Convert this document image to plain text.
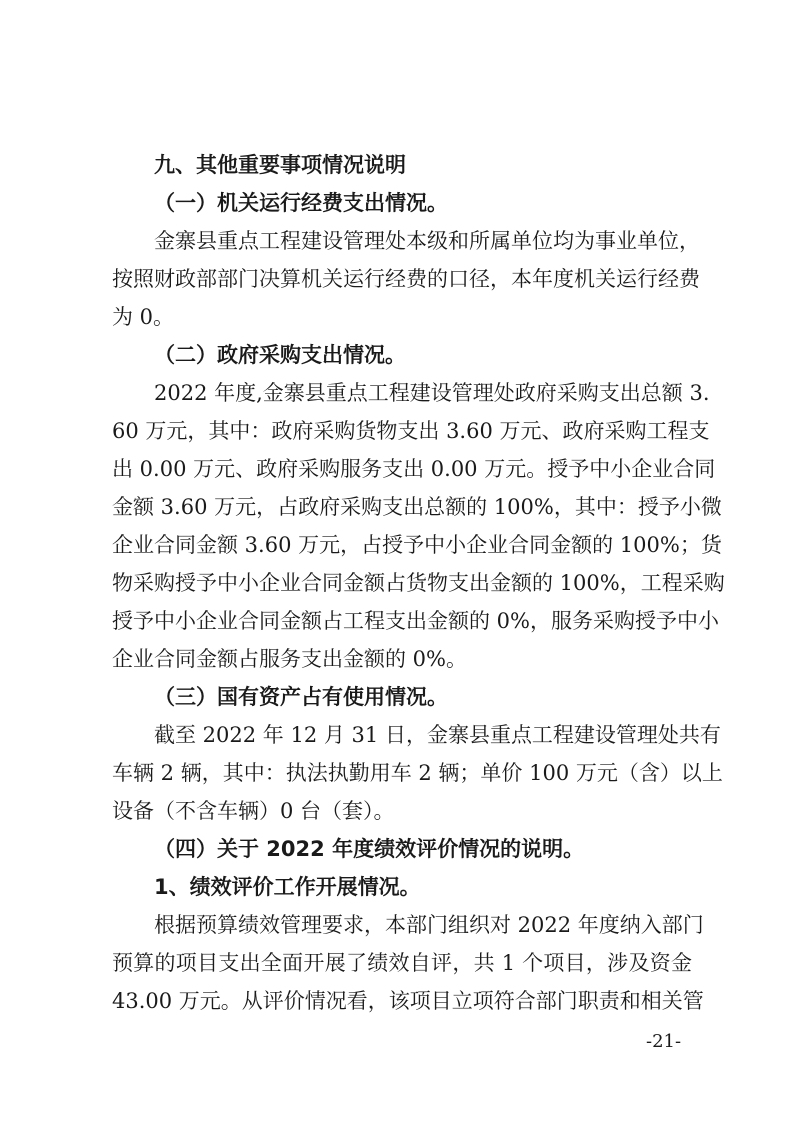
九、其他重要事项情况说明
（一）机关运行经费支出情况。
金寨县重点工程建设管理处本级和所属单位均为事业单位，
按照财政部部门决算机关运行经费的口径，本年度机关运行经费
为 0。
（二）政府采购支出情况。
2022 年度,金寨县重点工程建设管理处政府采购支出总额 3.
60 万元，其中：政府采购货物支出 3.60 万元、政府采购工程支
出 0.00 万元、政府采购服务支出 0.00 万元。授予中小企业合同
金额 3.60 万元，占政府采购支出总额的 100%，其中：授予小微
企业合同金额 3.60 万元，占授予中小企业合同金额的 100%；货
物采购授予中小企业合同金额占货物支出金额的 100%，工程采购
授予中小企业合同金额占工程支出金额的 0%，服务采购授予中小
企业合同金额占服务支出金额的 0%。
（三）国有资产占有使用情况。
截至 2022 年 12 月 31 日，金寨县重点工程建设管理处共有
车辆 2 辆，其中：执法执勤用车 2 辆；单价 100 万元（含）以上
设备（不含车辆）0 台（套）。
（四）关于 2022 年度绩效评价情况的说明。
1、绩效评价工作开展情况。
根据预算绩效管理要求，本部门组织对 2022 年度纳入部门
预算的项目支出全面开展了绩效自评，共 1 个项目，涉及资金
43.00 万元。从评价情况看，该项目立项符合部门职责和相关管
-21-
